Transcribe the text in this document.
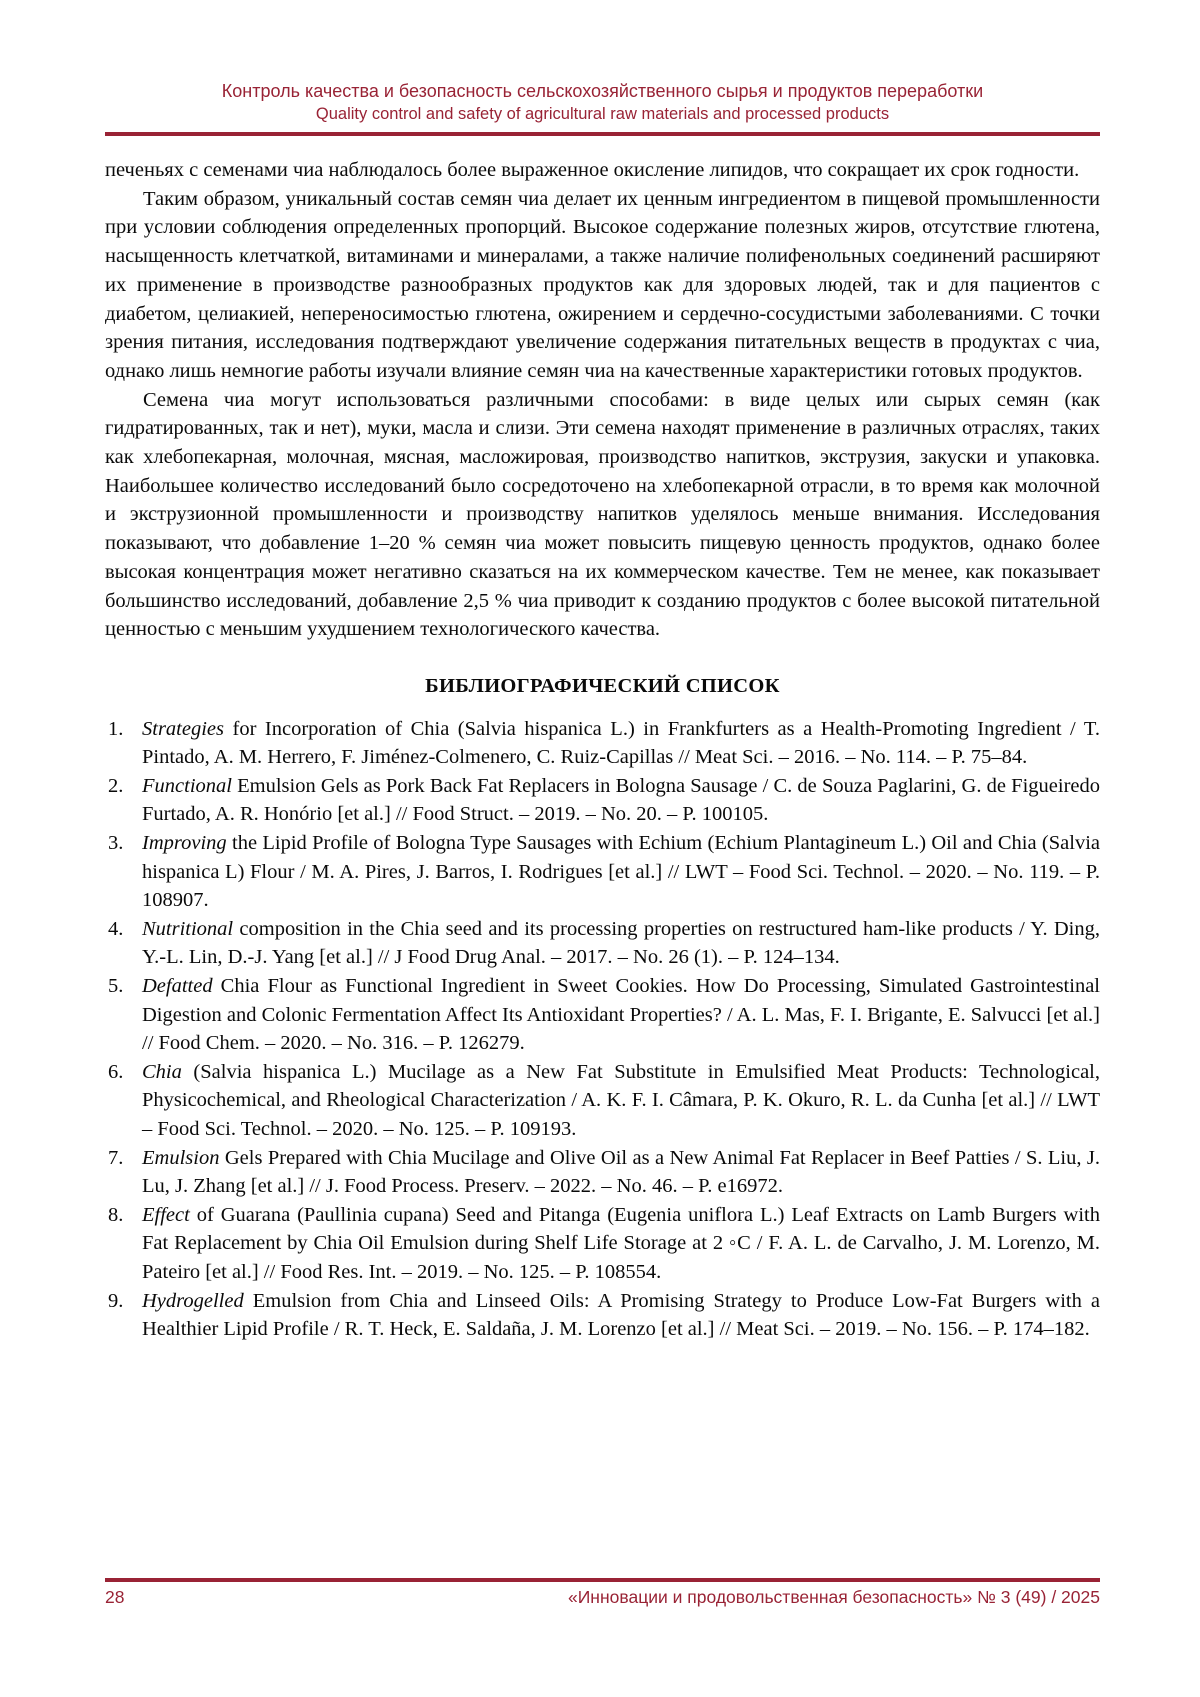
Контроль качества и безопасность сельскохозяйственного сырья и продуктов переработки
Quality control and safety of agricultural raw materials and processed products

печеньях с семенами чиа наблюдалось более выраженное окисление липидов, что сокращает их срок годности.

Таким образом, уникальный состав семян чиа делает их ценным ингредиентом в пищевой промышленности при условии соблюдения определенных пропорций. Высокое содержание полезных жиров, отсутствие глютена, насыщенность клетчаткой, витаминами и минералами, а также наличие полифенольных соединений расширяют их применение в производстве разнообразных продуктов как для здоровых людей, так и для пациентов с диабетом, целиакией, непереносимостью глютена, ожирением и сердечно-сосудистыми заболеваниями. С точки зрения питания, исследования подтверждают увеличение содержания питательных веществ в продуктах с чиа, однако лишь немногие работы изучали влияние семян чиа на качественные характеристики готовых продуктов.

Семена чиа могут использоваться различными способами: в виде целых или сырых семян (как гидратированных, так и нет), муки, масла и слизи. Эти семена находят применение в различных отраслях, таких как хлебопекарная, молочная, мясная, масложировая, производство напитков, экструзия, закуски и упаковка. Наибольшее количество исследований было сосредоточено на хлебопекарной отрасли, в то время как молочной и экструзионной промышленности и производству напитков уделялось меньше внимания. Исследования показывают, что добавление 1–20 % семян чиа может повысить пищевую ценность продуктов, однако более высокая концентрация может негативно сказаться на их коммерческом качестве. Тем не менее, как показывает большинство исследований, добавление 2,5 % чиа приводит к созданию продуктов с более высокой питательной ценностью с меньшим ухудшением технологического качества.

БИБЛИОГРАФИЧЕСКИЙ СПИСОК
1. Strategies for Incorporation of Chia (Salvia hispanica L.) in Frankfurters as a Health-Promoting Ingredient / T. Pintado, A. M. Herrero, F. Jiménez-Colmenero, C. Ruiz-Capillas // Meat Sci. – 2016. – No. 114. – P. 75–84.
2. Functional Emulsion Gels as Pork Back Fat Replacers in Bologna Sausage / C. de Souza Paglarini, G. de Figueiredo Furtado, A. R. Honório [et al.] // Food Struct. – 2019. – No. 20. – P. 100105.
3. Improving the Lipid Profile of Bologna Type Sausages with Echium (Echium Plantagineum L.) Oil and Chia (Salvia hispanica L) Flour / M. A. Pires, J. Barros, I. Rodrigues [et al.] // LWT – Food Sci. Technol. – 2020. – No. 119. – P. 108907.
4. Nutritional composition in the Chia seed and its processing properties on restructured ham-like products / Y. Ding, Y.-L. Lin, D.-J. Yang [et al.] // J Food Drug Anal. – 2017. – No. 26 (1). – P. 124–134.
5. Defatted Chia Flour as Functional Ingredient in Sweet Cookies. How Do Processing, Simulated Gastrointestinal Digestion and Colonic Fermentation Affect Its Antioxidant Properties? / A. L. Mas, F. I. Brigante, E. Salvucci [et al.] // Food Chem. – 2020. – No. 316. – P. 126279.
6. Chia (Salvia hispanica L.) Mucilage as a New Fat Substitute in Emulsified Meat Products: Technological, Physicochemical, and Rheological Characterization / A. K. F. I. Câmara, P. K. Okuro, R. L. da Cunha [et al.] // LWT – Food Sci. Technol. – 2020. – No. 125. – P. 109193.
7. Emulsion Gels Prepared with Chia Mucilage and Olive Oil as a New Animal Fat Replacer in Beef Patties / S. Liu, J. Lu, J. Zhang [et al.] // J. Food Process. Preserv. – 2022. – No. 46. – P. e16972.
8. Effect of Guarana (Paullinia cupana) Seed and Pitanga (Eugenia uniflora L.) Leaf Extracts on Lamb Burgers with Fat Replacement by Chia Oil Emulsion during Shelf Life Storage at 2 ◦C / F. A. L. de Carvalho, J. M. Lorenzo, M. Pateiro [et al.] // Food Res. Int. – 2019. – No. 125. – P. 108554.
9. Hydrogelled Emulsion from Chia and Linseed Oils: A Promising Strategy to Produce Low-Fat Burgers with a Healthier Lipid Profile / R. T. Heck, E. Saldaña, J. M. Lorenzo [et al.] // Meat Sci. – 2019. – No. 156. – P. 174–182.
28	«Инновации и продовольственная безопасность» № 3 (49) / 2025
